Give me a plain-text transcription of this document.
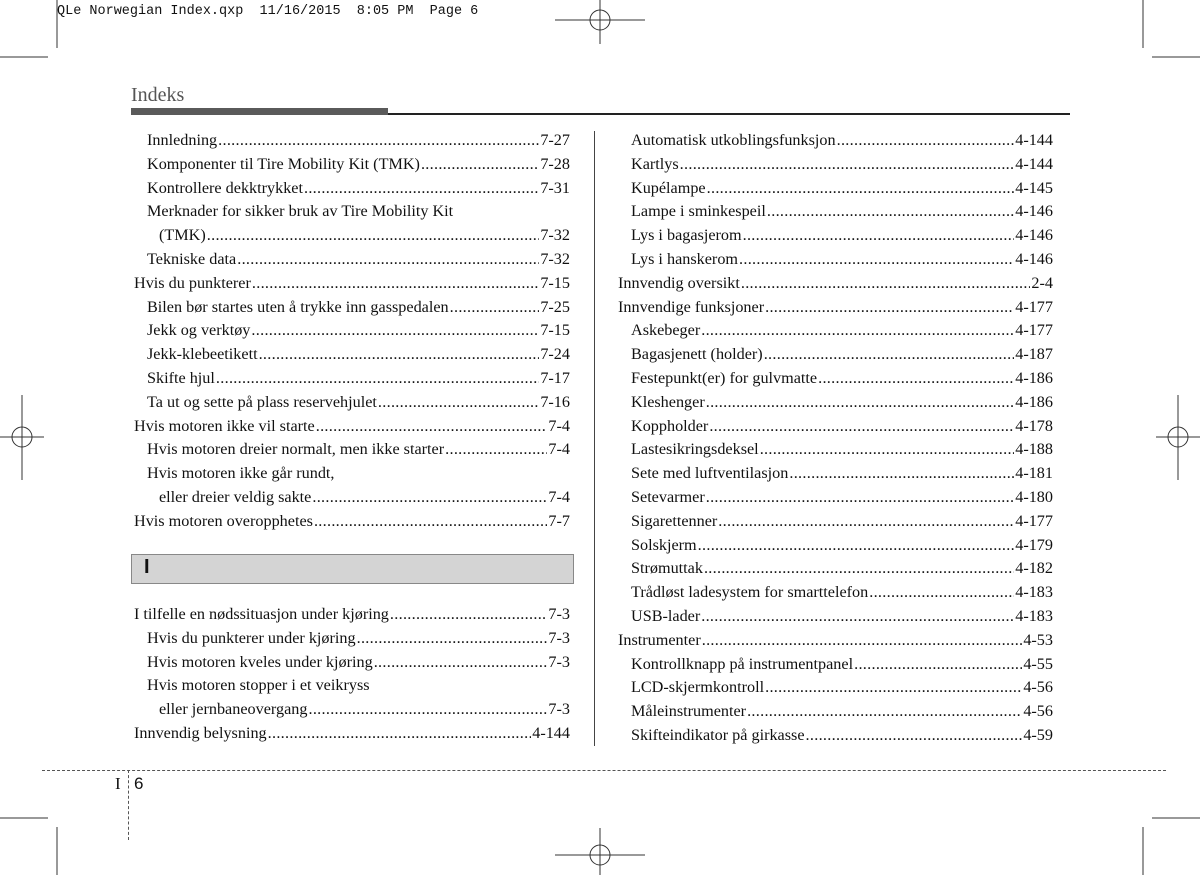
QLe Norwegian Index.qxp  11/16/2015  8:05 PM  Page 6
Indeks
Innledning .....	7-27
Komponenter til Tire Mobility Kit (TMK) .....	7-28
Kontrollere dekktrykket .....	7-31
Merknader for sikker bruk av Tire Mobility Kit
(TMK) .....	7-32
Tekniske data .....	7-32
Hvis du punkterer .....	7-15
Bilen bør startes uten å trykke inn gasspedalen .....	7-25
Jekk og verktøy .....	7-15
Jekk-klebeetikett .....	7-24
Skifte hjul .....	7-17
Ta ut og sette på plass reservehjulet .....	7-16
Hvis motoren ikke vil starte .....	7-4
Hvis motoren dreier normalt, men ikke starter .....	7-4
Hvis motoren ikke går rundt,
eller dreier veldig sakte .....	7-4
Hvis motoren overopphetes .....	7-7
I
I tilfelle en nødssituasjon under kjøring .....	7-3
Hvis du punkterer under kjøring .....	7-3
Hvis motoren kveles under kjøring .....	7-3
Hvis motoren stopper i et veikryss
eller jernbaneovergang .....	7-3
Innvendig belysning .....	4-144
Automatisk utkoblingsfunksjon .....	4-144
Kartlys .....	4-144
Kupélampe .....	4-145
Lampe i sminkespeil .....	4-146
Lys i bagasjerom .....	4-146
Lys i hanskerom .....	4-146
Innvendig oversikt .....	2-4
Innvendige funksjoner .....	4-177
Askebeger .....	4-177
Bagasjenett (holder) .....	4-187
Festepunkt(er) for gulvmatte .....	4-186
Kleshenger .....	4-186
Koppholder .....	4-178
Lastesikringsdeksel .....	4-188
Sete med luftventilasjon .....	4-181
Setevarmer .....	4-180
Sigarettenner .....	4-177
Solskjerm .....	4-179
Strømuttak .....	4-182
Trådløst ladesystem for smarttelefon .....	4-183
USB-lader .....	4-183
Instrumenter .....	4-53
Kontrollknapp på instrumentpanel .....	4-55
LCD-skjermkontroll .....	4-56
Måleinstrumenter .....	4-56
Skifteindikator på girkasse .....	4-59
I 6
